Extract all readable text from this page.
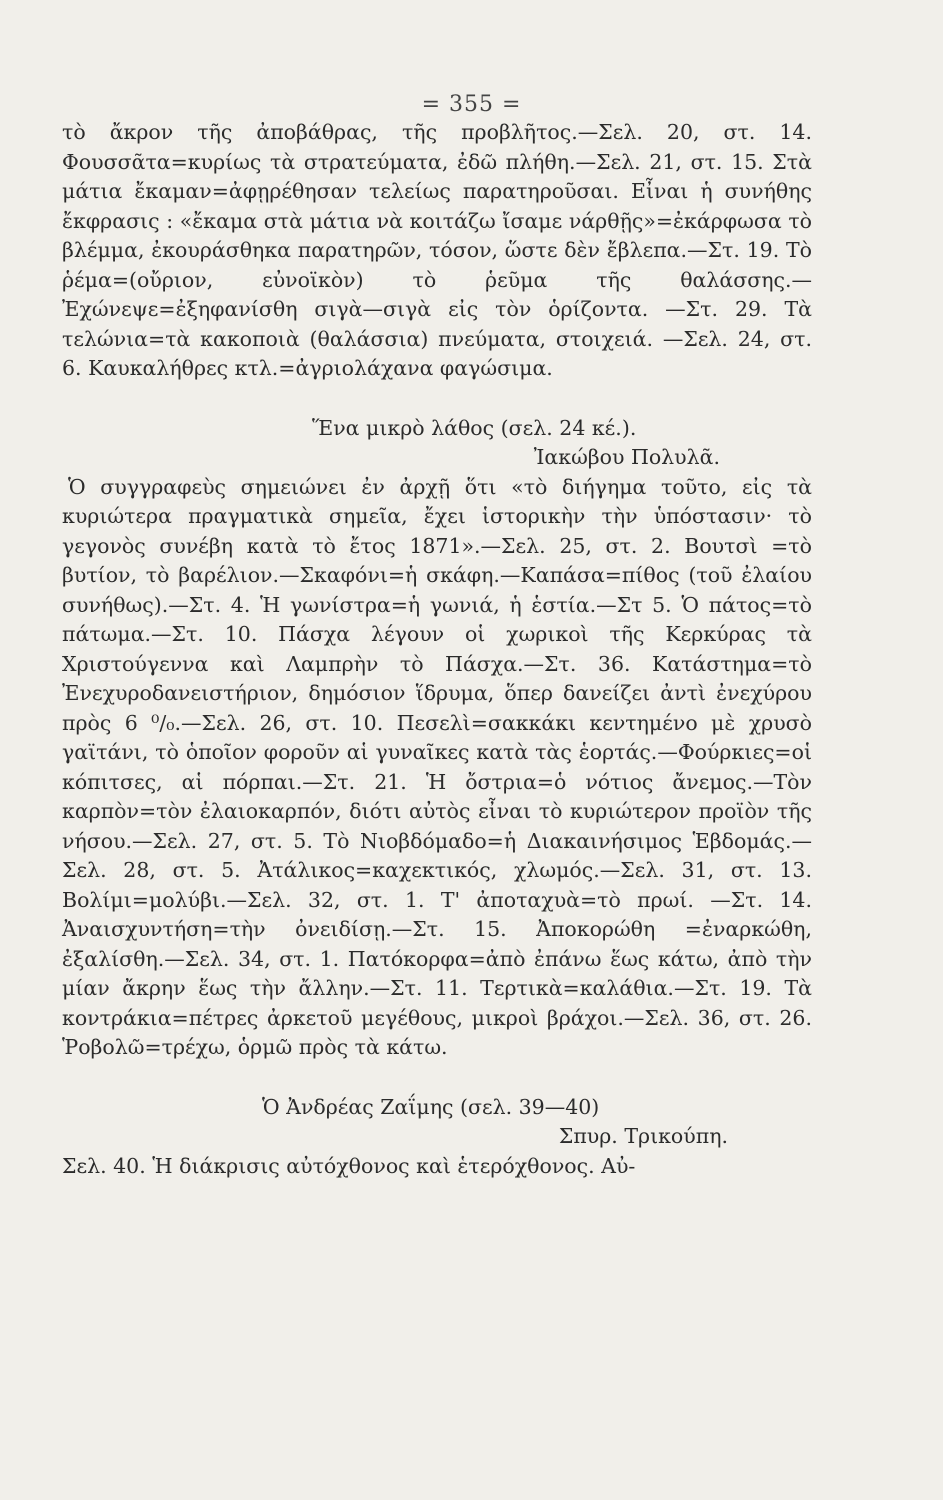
= 355 =

τὸ ἄκρον τῆς ἀποβάθρας, τῆς προβλῆτος.—Σελ. 20, στ. 14. Φουσσᾶτα=κυρίως τὰ στρατεύματα, ἐδῶ πλήθη.—Σελ. 21, στ. 15. Στὰ μάτια ἔκαμαν=ἀφῃρέθησαν τελείως παρατηροῦσαι. Εἶναι ἡ συνήθης ἔκφρασις : «ἔκαμα στὰ μάτια νὰ κοιτάζω ἴσαμε νάρθῇς»=ἐκάρφωσα τὸ βλέμμα, ἐκουράσθηκα παρατηρῶν, τόσον, ὥστε δὲν ἔβλεπα.—Στ. 19. Τὸ ῥέμα=(οὔριον, εὐνοϊκὸν) τὸ ῥεῦμα τῆς θαλάσσης.—Ἐχώνεψε=ἐξηφανίσθη σιγὰ—σιγὰ εἰς τὸν ὁρίζοντα. —Στ. 29. Τὰ τελώνια=τὰ κακοποιὰ (θαλάσσια) πνεύματα, στοιχειά. —Σελ. 24, στ. 6. Καυκαλήθρες κτλ.=ἀγριολάχανα φαγώσιμα.

Ἕνα μικρὸ λάθος (σελ. 24 κέ.).

Ἰακώβου Πολυλᾶ.

Ὁ συγγραφεὺς σημειώνει ἐν ἀρχῇ ὅτι «τὸ διήγημα τοῦτο, εἰς τὰ κυριώτερα πραγματικὰ σημεῖα, ἔχει ἱστορικὴν τὴν ὑπόστασιν· τὸ γεγονὸς συνέβη κατὰ τὸ ἔτος 1871».—Σελ. 25, στ. 2. Βουτσὶ =τὸ βυτίον, τὸ βαρέλιον.—Σκαφόνι=ἡ σκάφη.—Καπάσα=πίθος (τοῦ ἐλαίου συνήθως).—Στ. 4. Ἡ γωνίστρα=ἡ γωνιά, ἡ ἑστία.—Στ 5. Ὁ πάτος=τὸ πάτωμα.—Στ. 10. Πάσχα λέγουν οἱ χωρικοὶ τῆς Κερκύρας τὰ Χριστούγεννα καὶ Λαμπρὴν τὸ Πάσχα.—Στ. 36. Κατάστημα=τὸ Ἐνεχυροδανειστήριον, δημόσιον ἵδρυμα, ὅπερ δανείζει ἀντὶ ἐνεχύρου πρὸς 6 ⁰/₀.—Σελ. 26, στ. 10. Πεσελὶ=σακκάκι κεντημένο μὲ χρυσὸ γαϊτάνι, τὸ ὁποῖον φοροῦν αἱ γυναῖκες κατὰ τὰς ἑορτάς.—Φούρκιες=οἱ κόπιτσες, αἱ πόρπαι.—Στ. 21. Ἡ ὄστρια=ὁ νότιος ἄνεμος.—Τὸν καρπὸν=τὸν ἐλαιοκαρπόν, διότι αὐτὸς εἶναι τὸ κυριώτερον προϊὸν τῆς νήσου.—Σελ. 27, στ. 5. Τὸ Νιοβδόμαδο=ἡ Διακαινήσιμος Ἑβδομάς.—Σελ. 28, στ. 5. Ἀτάλικος=καχεκτικός, χλωμός.—Σελ. 31, στ. 13. Βολίμι=μολύβι.—Σελ. 32, στ. 1. Τ' ἀποταχυὰ=τὸ πρωί. —Στ. 14. Ἀναισχυντήση=τὴν ὀνειδίσῃ.—Στ. 15. Ἀποκορώθη =ἐναρκώθη, ἐξαλίσθη.—Σελ. 34, στ. 1. Πατόκορφα=ἀπὸ ἐπάνω ἕως κάτω, ἀπὸ τὴν μίαν ἄκρην ἕως τὴν ἄλλην.—Στ. 11. Τερτικὰ=καλάθια.—Στ. 19. Τὰ κοντράκια=πέτρες ἀρκετοῦ μεγέθους, μικροὶ βράχοι.—Σελ. 36, στ. 26. Ῥοβολῶ=τρέχω, ὁρμῶ πρὸς τὰ κάτω.

Ὁ Ἀνδρέας Ζαΐμης (σελ. 39—40)

Σπυρ. Τρικούπη.

Σελ. 40. Ἡ διάκρισις αὐτόχθονος καὶ ἑτερόχθονος. Αὐ-
